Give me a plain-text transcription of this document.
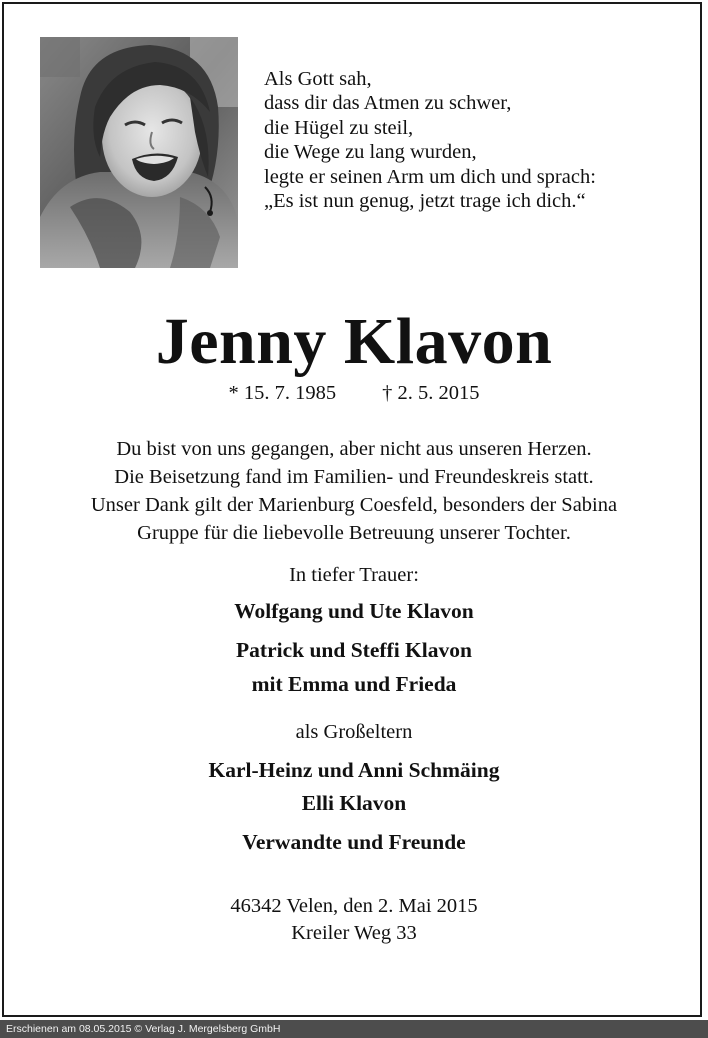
Als Gott sah,
dass dir das Atmen zu schwer,
die Hügel zu steil,
die Wege zu lang wurden,
legte er seinen Arm um dich und sprach:
„Es ist nun genug, jetzt trage ich dich.“
Jenny Klavon
* 15. 7. 1985 † 2. 5. 2015
Du bist von uns gegangen, aber nicht aus unseren Herzen.
Die Beisetzung fand im Familien- und Freundeskreis statt.
Unser Dank gilt der Marienburg Coesfeld, besonders der Sabina
Gruppe für die liebevolle Betreuung unserer Tochter.
In tiefer Trauer:
Wolfgang und Ute Klavon
Patrick und Steffi Klavon
mit Emma und Frieda
als Großeltern
Karl-Heinz und Anni Schmäing
Elli Klavon
Verwandte und Freunde
46342 Velen, den 2. Mai 2015
Kreiler Weg 33
Erschienen am 08.05.2015 © Verlag J. Mergelsberg GmbH
